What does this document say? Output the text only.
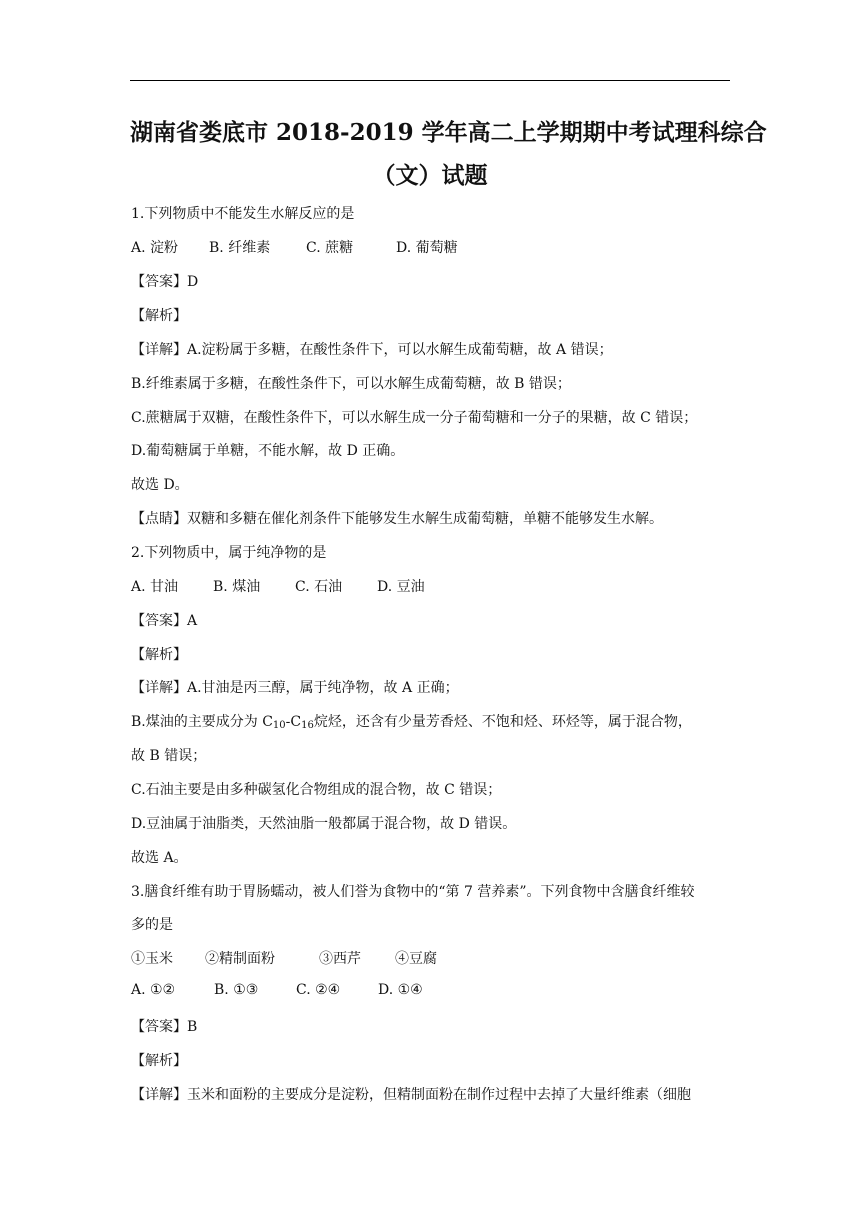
湖南省娄底市 2018-2019 学年高二上学期期中考试理科综合
（文）试题
1.下列物质中不能发生水解反应的是
A. 淀粉 B. 纤维素	C. 蔗糖	D. 葡萄糖
【答案】D
【解析】
【详解】A.淀粉属于多糖，在酸性条件下，可以水解生成葡萄糖，故 A 错误；
B.纤维素属于多糖，在酸性条件下，可以水解生成葡萄糖，故 B 错误；
C.蔗糖属于双糖，在酸性条件下，可以水解生成一分子葡萄糖和一分子的果糖，故 C 错误；
D.葡萄糖属于单糖，不能水解，故 D 正确。
故选 D。
【点睛】双糖和多糖在催化剂条件下能够发生水解生成葡萄糖，单糖不能够发生水解。
2.下列物质中，属于纯净物的是
A. 甘油 B. 煤油 C. 石油 D. 豆油
【答案】A
【解析】
【详解】A.甘油是丙三醇，属于纯净物，故 A 正确；
B.煤油的主要成分为 $C_{10}-C_{16}$烷烃，还含有少量芳香烃、不饱和烃、环烃等，属于混合物，
故 B 错误；
C.石油主要是由多种碳氢化合物组成的混合物，故 C 错误；
D.豆油属于油脂类，天然油脂一般都属于混合物，故 D 错误。
故选 A。
3.膳食纤维有助于胃肠蠕动，被人们誉为食物中的“第 7 营养素”。下列食物中含膳食纤维较
多的是
①玉米 ②精制面粉	③西芹 ④豆腐
A. ①②	B. ①③	C. ②④	D. ①④
【答案】B
【解析】
【详解】玉米和面粉的主要成分是淀粉，但精制面粉在制作过程中去掉了大量纤维素（细胞
